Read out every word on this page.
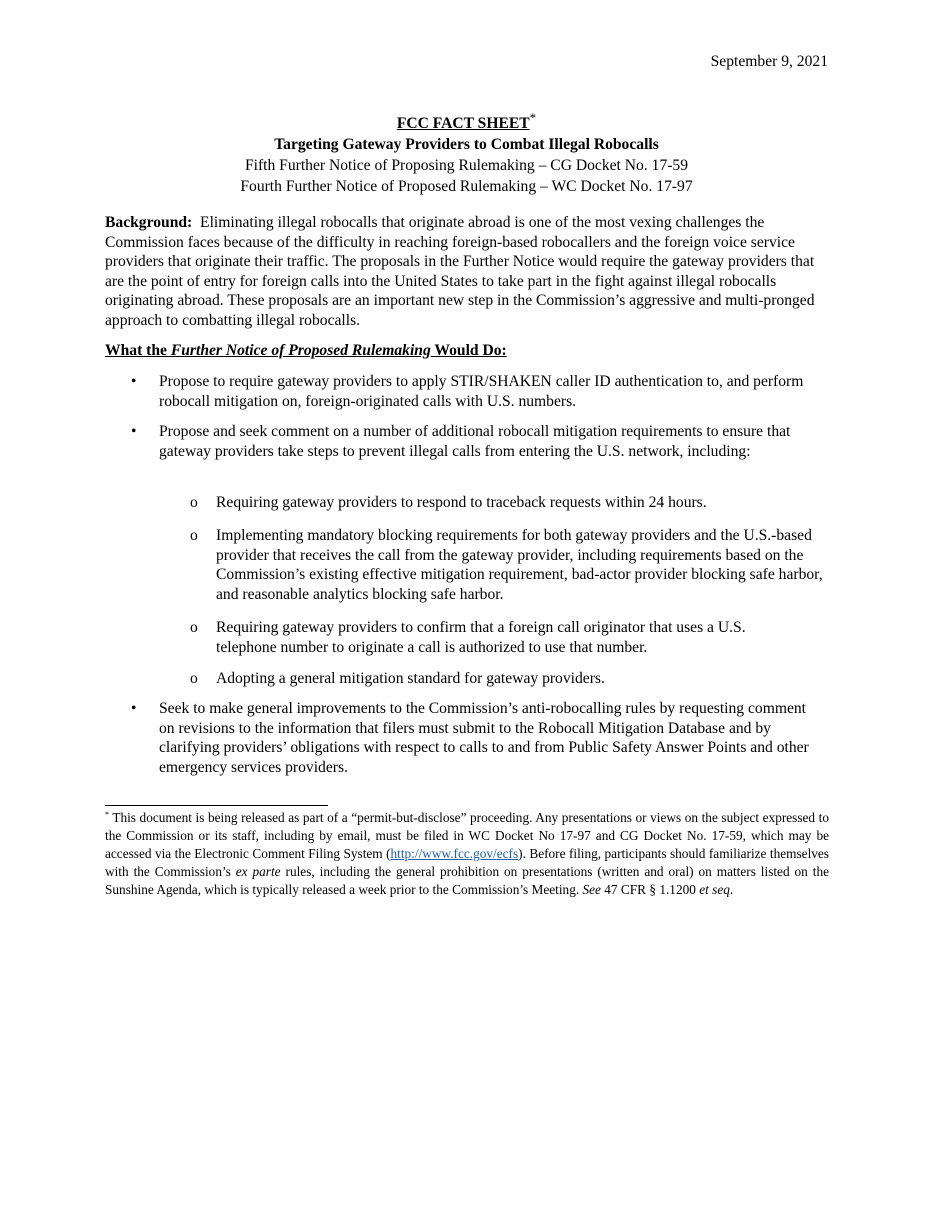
September 9, 2021
FCC FACT SHEET*
Targeting Gateway Providers to Combat Illegal Robocalls
Fifth Further Notice of Proposing Rulemaking – CG Docket No. 17-59
Fourth Further Notice of Proposed Rulemaking – WC Docket No. 17-97
Background: Eliminating illegal robocalls that originate abroad is one of the most vexing challenges the Commission faces because of the difficulty in reaching foreign-based robocallers and the foreign voice service providers that originate their traffic. The proposals in the Further Notice would require the gateway providers that are the point of entry for foreign calls into the United States to take part in the fight against illegal robocalls originating abroad. These proposals are an important new step in the Commission’s aggressive and multi-pronged approach to combatting illegal robocalls.
What the Further Notice of Proposed Rulemaking Would Do:
• Propose to require gateway providers to apply STIR/SHAKEN caller ID authentication to, and perform robocall mitigation on, foreign-originated calls with U.S. numbers.
• Propose and seek comment on a number of additional robocall mitigation requirements to ensure that gateway providers take steps to prevent illegal calls from entering the U.S. network, including:
o Requiring gateway providers to respond to traceback requests within 24 hours.
o Implementing mandatory blocking requirements for both gateway providers and the U.S.-based provider that receives the call from the gateway provider, including requirements based on the Commission’s existing effective mitigation requirement, bad-actor provider blocking safe harbor, and reasonable analytics blocking safe harbor.
o Requiring gateway providers to confirm that a foreign call originator that uses a U.S. telephone number to originate a call is authorized to use that number.
o Adopting a general mitigation standard for gateway providers.
• Seek to make general improvements to the Commission’s anti-robocalling rules by requesting comment on revisions to the information that filers must submit to the Robocall Mitigation Database and by clarifying providers’ obligations with respect to calls to and from Public Safety Answer Points and other emergency services providers.
* This document is being released as part of a “permit-but-disclose” proceeding. Any presentations or views on the subject expressed to the Commission or its staff, including by email, must be filed in WC Docket No 17-97 and CG Docket No. 17-59, which may be accessed via the Electronic Comment Filing System (http://www.fcc.gov/ecfs). Before filing, participants should familiarize themselves with the Commission’s ex parte rules, including the general prohibition on presentations (written and oral) on matters listed on the Sunshine Agenda, which is typically released a week prior to the Commission’s Meeting. See 47 CFR § 1.1200 et seq.
